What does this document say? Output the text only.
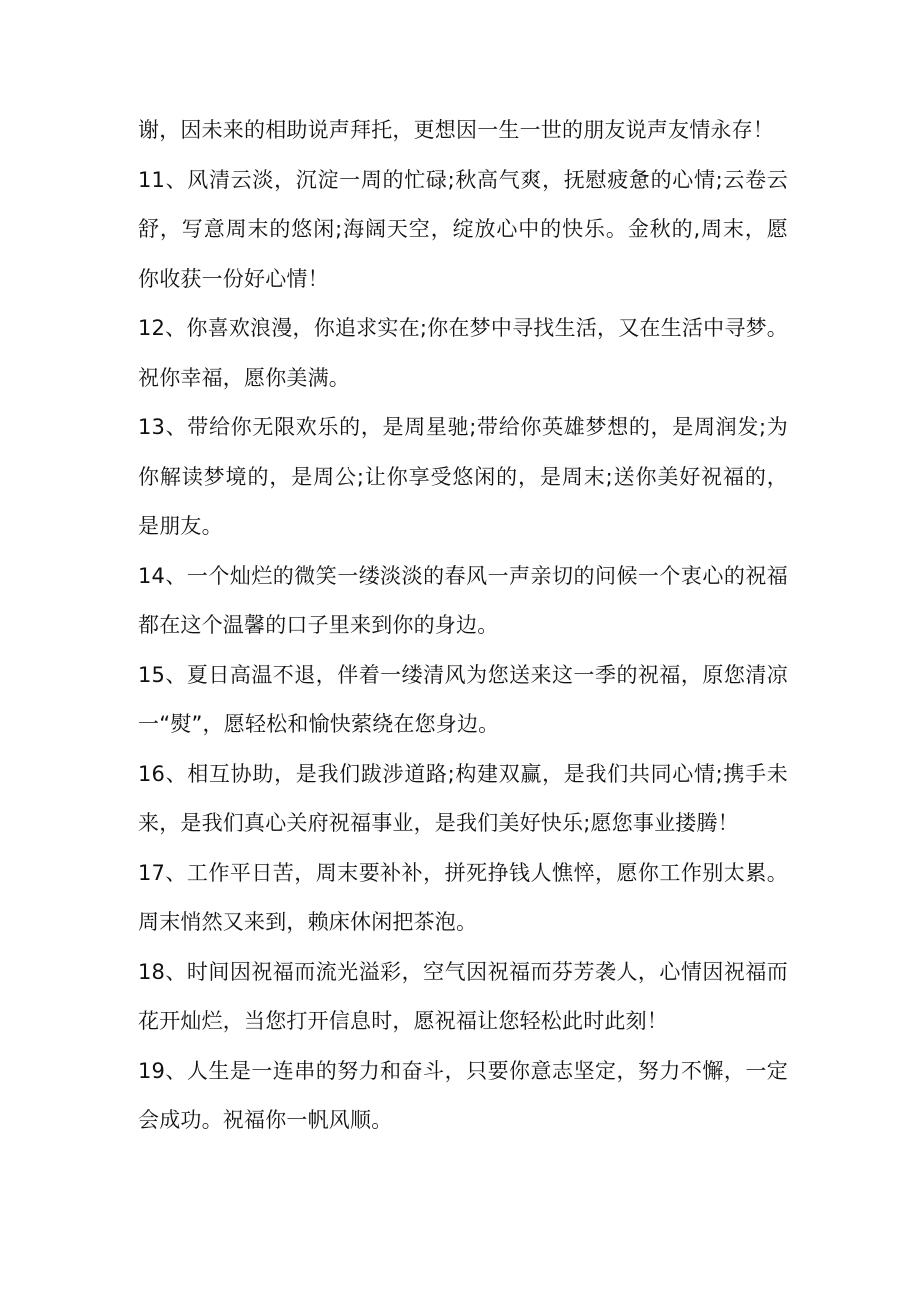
谢，因未来的相助说声拜托，更想因一生一世的朋友说声友情永存！

11、风清云淡，沉淀一周的忙碌;秋高气爽，抚慰疲惫的心情;云卷云舒，写意周末的悠闲;海阔天空，绽放心中的快乐。金秋的,周末，愿你收获一份好心情！

12、你喜欢浪漫，你追求实在;你在梦中寻找生活，又在生活中寻梦。祝你幸福，愿你美满。

13、带给你无限欢乐的，是周星驰;带给你英雄梦想的，是周润发;为你解读梦境的，是周公;让你享受悠闲的，是周末;送你美好祝福的，是朋友。

14、一个灿烂的微笑一缕淡淡的春风一声亲切的问候一个衷心的祝福都在这个温馨的口子里来到你的身边。

15、夏日高温不退，伴着一缕清风为您送来这一季的祝福，原您清凉一“熨”，愿轻松和愉快萦绕在您身边。

16、相互协助，是我们跋涉道路;构建双赢，是我们共同心情;携手未来，是我们真心关府祝福事业，是我们美好快乐;愿您事业搂腾！

17、工作平日苦，周末要补补，拼死挣钱人憔悴，愿你工作别太累。周末悄然又来到，赖床休闲把茶泡。

18、时间因祝福而流光溢彩，空气因祝福而芬芳袭人，心情因祝福而花开灿烂，当您打开信息时，愿祝福让您轻松此时此刻！

19、人生是一连串的努力和奋斗，只要你意志坚定，努力不懈，一定会成功。祝福你一帆风顺。
